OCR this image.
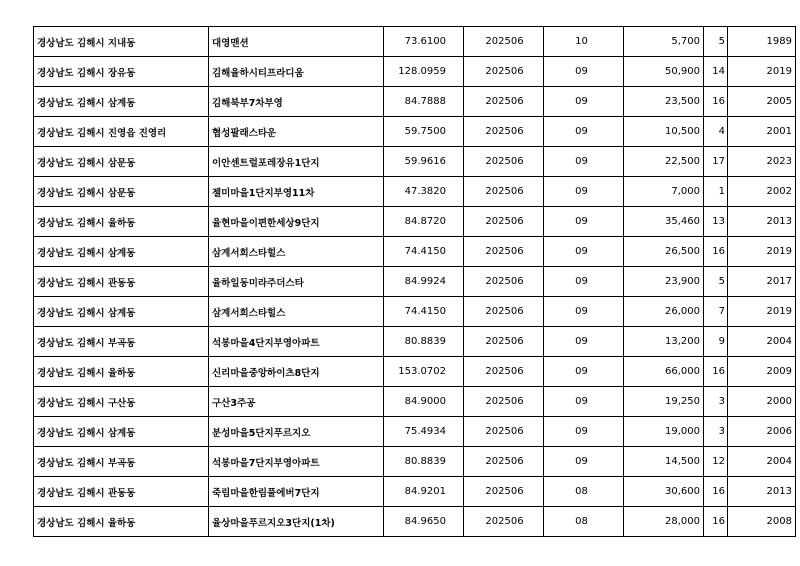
경상남도 김해시 지내동	대영맨션	73.6100	202506	10	5,700	5	1989
경상남도 김해시 장유동	김해율하시티프라디움	128.0959	202506	09	50,900	14	2019
경상남도 김해시 삼계동	김해북부7차부영	84.7888	202506	09	23,500	16	2005
경상남도 김해시 진영읍 진영리	협성팔래스타운	59.7500	202506	09	10,500	4	2001
경상남도 김해시 삼문동	이안센트럴포레장유1단지	59.9616	202506	09	22,500	17	2023
경상남도 김해시 삼문동	젤미마을1단지부영11차	47.3820	202506	09	7,000	1	2002
경상남도 김해시 율하동	율현마을이편한세상9단지	84.8720	202506	09	35,460	13	2013
경상남도 김해시 삼계동	삼계서희스타힐스	74.4150	202506	09	26,500	16	2019
경상남도 김해시 관동동	율하일동미라주더스타	84.9924	202506	09	23,900	5	2017
경상남도 김해시 삼계동	삼계서희스타힐스	74.4150	202506	09	26,000	7	2019
경상남도 김해시 부곡동	석봉마을4단지부영아파트	80.8839	202506	09	13,200	9	2004
경상남도 김해시 율하동	신리마을중앙하이츠8단지	153.0702	202506	09	66,000	16	2009
경상남도 김해시 구산동	구산3주공	84.9000	202506	09	19,250	3	2000
경상남도 김해시 삼계동	분성마을5단지푸르지오	75.4934	202506	09	19,000	3	2006
경상남도 김해시 부곡동	석봉마을7단지부영아파트	80.8839	202506	09	14,500	12	2004
경상남도 김해시 관동동	죽림마을한림풀에버7단지	84.9201	202506	08	30,600	16	2013
경상남도 김해시 율하동	율상마을푸르지오3단지(1차)	84.9650	202506	08	28,000	16	2008
